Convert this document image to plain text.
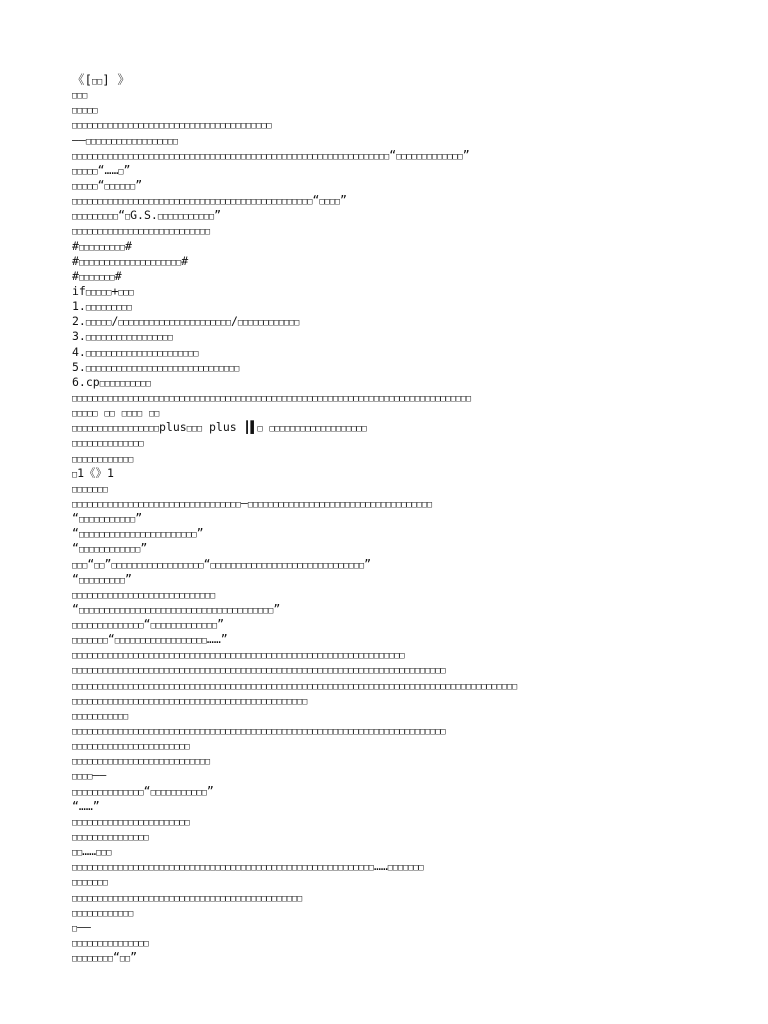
《[□□] 》
□□□
□□□□□
□□□□□□□□□□□□□□□□□□□□□□□□□□□□□□□□□□□□□□□
——□□□□□□□□□□□□□□□□□□
□□□□□□□□□□□□□□□□□□□□□□□□□□□□□□□□□□□□□□□□□□□□□□□□□□□□□□□□□□□□□□“□□□□□□□□□□□□□”
□□□□□“……□”
□□□□□“□□□□□□”
□□□□□□□□□□□□□□□□□□□□□□□□□□□□□□□□□□□□□□□□□□□□□□□“□□□□”
□□□□□□□□□“□G.S.□□□□□□□□□□□”
□□□□□□□□□□□□□□□□□□□□□□□□□□□
#□□□□□□□□□#
#□□□□□□□□□□□□□□□□□□□□#
#□□□□□□□#
if□□□□□+□□□
1.□□□□□□□□□
2.□□□□□/□□□□□□□□□□□□□□□□□□□□□□/□□□□□□□□□□□□
3.□□□□□□□□□□□□□□□□□
4.□□□□□□□□□□□□□□□□□□□□□□
5.□□□□□□□□□□□□□□□□□□□□□□□□□□□□□□
6.cp□□□□□□□□□□
□□□□□□□□□□□□□□□□□□□□□□□□□□□□□□□□□□□□□□□□□□□□□□□□□□□□□□□□□□□□□□□□□□□□□□□□□□□□□□
□□□□□ □□ □□□□ □□
□□□□□□□□□□□□□□□□□plus□□□ plus ┃▌□ □□□□□□□□□□□□□□□□□□□
□□□□□□□□□□□□□□
□□□□□□□□□□□□
□1《》1
□□□□□□□
□□□□□□□□□□□□□□□□□□□□□□□□□□□□□□□□□—□□□□□□□□□□□□□□□□□□□□□□□□□□□□□□□□□□□□
“□□□□□□□□□□□”
“□□□□□□□□□□□□□□□□□□□□□□□”
“□□□□□□□□□□□□”
□□□“□□”□□□□□□□□□□□□□□□□□□“□□□□□□□□□□□□□□□□□□□□□□□□□□□□□□”
“□□□□□□□□□”
□□□□□□□□□□□□□□□□□□□□□□□□□□□□
“□□□□□□□□□□□□□□□□□□□□□□□□□□□□□□□□□□□□□□”
□□□□□□□□□□□□□□“□□□□□□□□□□□□□”
□□□□□□□“□□□□□□□□□□□□□□□□□□……”
□□□□□□□□□□□□□□□□□□□□□□□□□□□□□□□□□□□□□□□□□□□□□□□□□□□□□□□□□□□□□□□□□
□□□□□□□□□□□□□□□□□□□□□□□□□□□□□□□□□□□□□□□□□□□□□□□□□□□□□□□□□□□□□□□□□□□□□□□□□
□□□□□□□□□□□□□□□□□□□□□□□□□□□□□□□□□□□□□□□□□□□□□□□□□□□□□□□□□□□□□□□□□□□□□□□□□□□□□□□□□□□□□□□
□□□□□□□□□□□□□□□□□□□□□□□□□□□□□□□□□□□□□□□□□□□□□□
□□□□□□□□□□□
□□□□□□□□□□□□□□□□□□□□□□□□□□□□□□□□□□□□□□□□□□□□□□□□□□□□□□□□□□□□□□□□□□□□□□□□□
□□□□□□□□□□□□□□□□□□□□□□□
□□□□□□□□□□□□□□□□□□□□□□□□□□□
□□□□——
□□□□□□□□□□□□□□“□□□□□□□□□□□”
“……”
□□□□□□□□□□□□□□□□□□□□□□□
□□□□□□□□□□□□□□□
□□……□□□
□□□□□□□□□□□□□□□□□□□□□□□□□□□□□□□□□□□□□□□□□□□□□□□□□□□□□□□□□□□……□□□□□□□
□□□□□□□
□□□□□□□□□□□□□□□□□□□□□□□□□□□□□□□□□□□□□□□□□□□□□
□□□□□□□□□□□□
□——
□□□□□□□□□□□□□□□
□□□□□□□□“□□”
